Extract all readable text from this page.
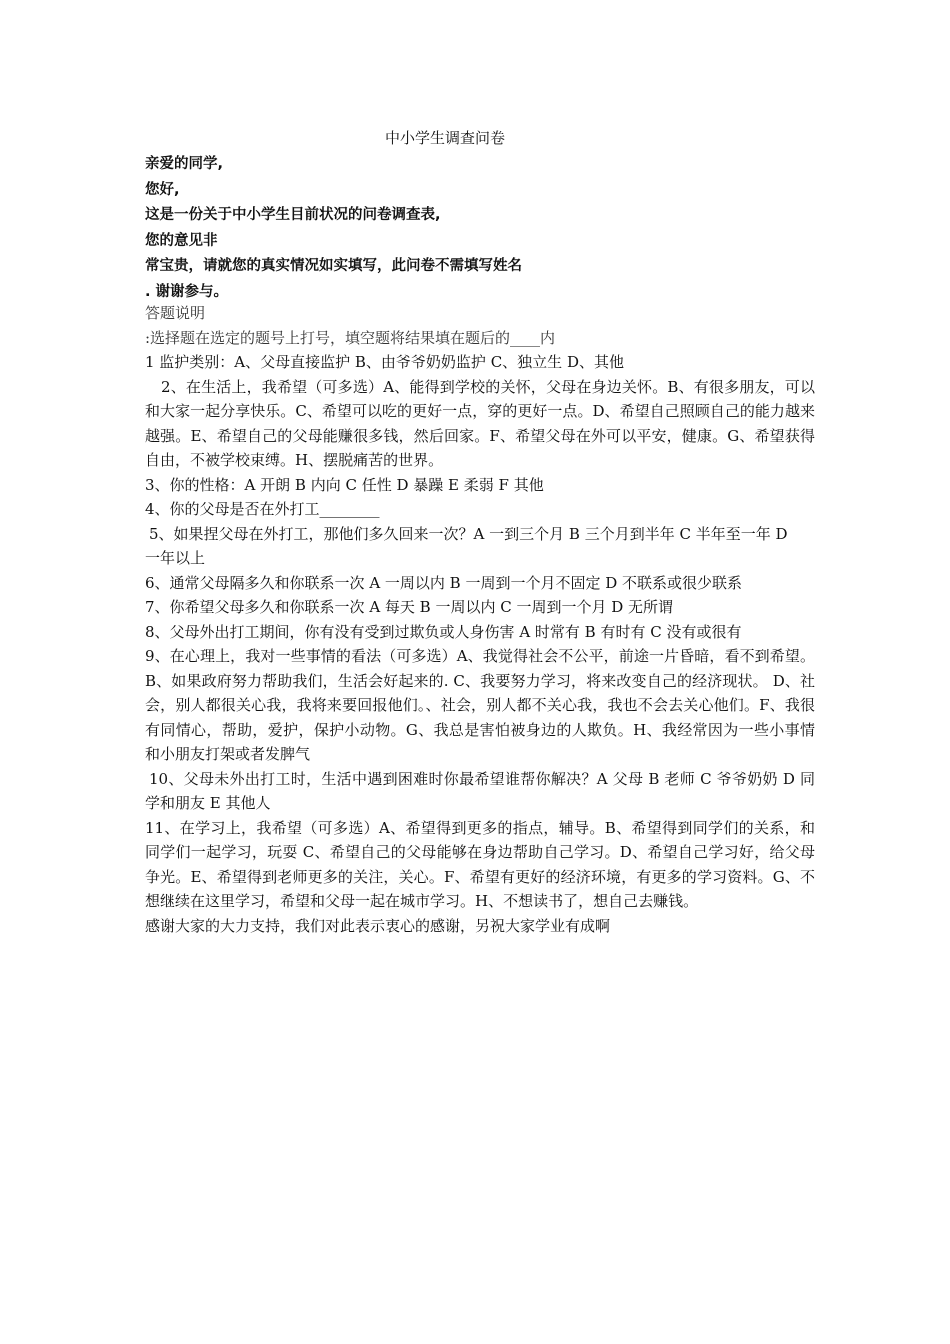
中小学生调查问卷
亲爱的同学,
您好,
这是一份关于中小学生目前状况的问卷调查表,
您的意见非
常宝贵，请就您的真实情况如实填写，此问卷不需填写姓名
. 谢谢参与。

答题说明

:选择题在选定的题号上打号，填空题将结果填在题后的____内

1 监护类别：A、父母直接监护 B、由爷爷奶奶监护 C、独立生 D、其他

2、在生活上，我希望（可多选）A、能得到学校的关怀，父母在身边关怀。B、有很多朋友，可以和大家一起分享快乐。C、希望可以吃的更好一点，穿的更好一点。D、希望自己照顾自己的能力越来越强。E、希望自己的父母能赚很多钱，然后回家。F、希望父母在外可以平安，健康。G、希望获得自由，不被学校束缚。H、摆脱痛苦的世界。

3、你的性格：A 开朗 B 内向 C 任性 D 暴躁 E 柔弱 F 其他

4、你的父母是否在外打工________

5、如果捏父母在外打工，那他们多久回来一次？A 一到三个月 B 三个月到半年 C 半年至一年 D

一年以上

6、通常父母隔多久和你联系一次 A 一周以内 B 一周到一个月不固定 D 不联系或很少联系

7、你希望父母多久和你联系一次 A 每天 B 一周以内 C 一周到一个月 D 无所谓

8、父母外出打工期间，你有没有受到过欺负或人身伤害 A 时常有 B 有时有 C 没有或很有

9、在心理上，我对一些事情的看法（可多选）A、我觉得社会不公平，前途一片昏暗，看不到希望。B、如果政府努力帮助我们，生活会好起来的. C、我要努力学习，将来改变自己的经济现状。 D、社会，别人都很关心我，我将来要回报他们。、社会，别人都不关心我，我也不会去关心他们。F、我很有同情心，帮助，爱护，保护小动物。G、我总是害怕被身边的人欺负。H、我经常因为一些小事情和小朋友打架或者发脾气

10、父母未外出打工时，生活中遇到困难时你最希望谁帮你解决？A 父母 B 老师 C 爷爷奶奶 D 同学和朋友 E 其他人

11、在学习上，我希望（可多选）A、希望得到更多的指点，辅导。B、希望得到同学们的关系，和同学们一起学习，玩耍 C、希望自己的父母能够在身边帮助自己学习。D、希望自己学习好，给父母争光。E、希望得到老师更多的关注，关心。F、希望有更好的经济环境，有更多的学习资料。G、不想继续在这里学习，希望和父母一起在城市学习。H、不想读书了，想自己去赚钱。

感谢大家的大力支持，我们对此表示衷心的感谢，另祝大家学业有成啊
